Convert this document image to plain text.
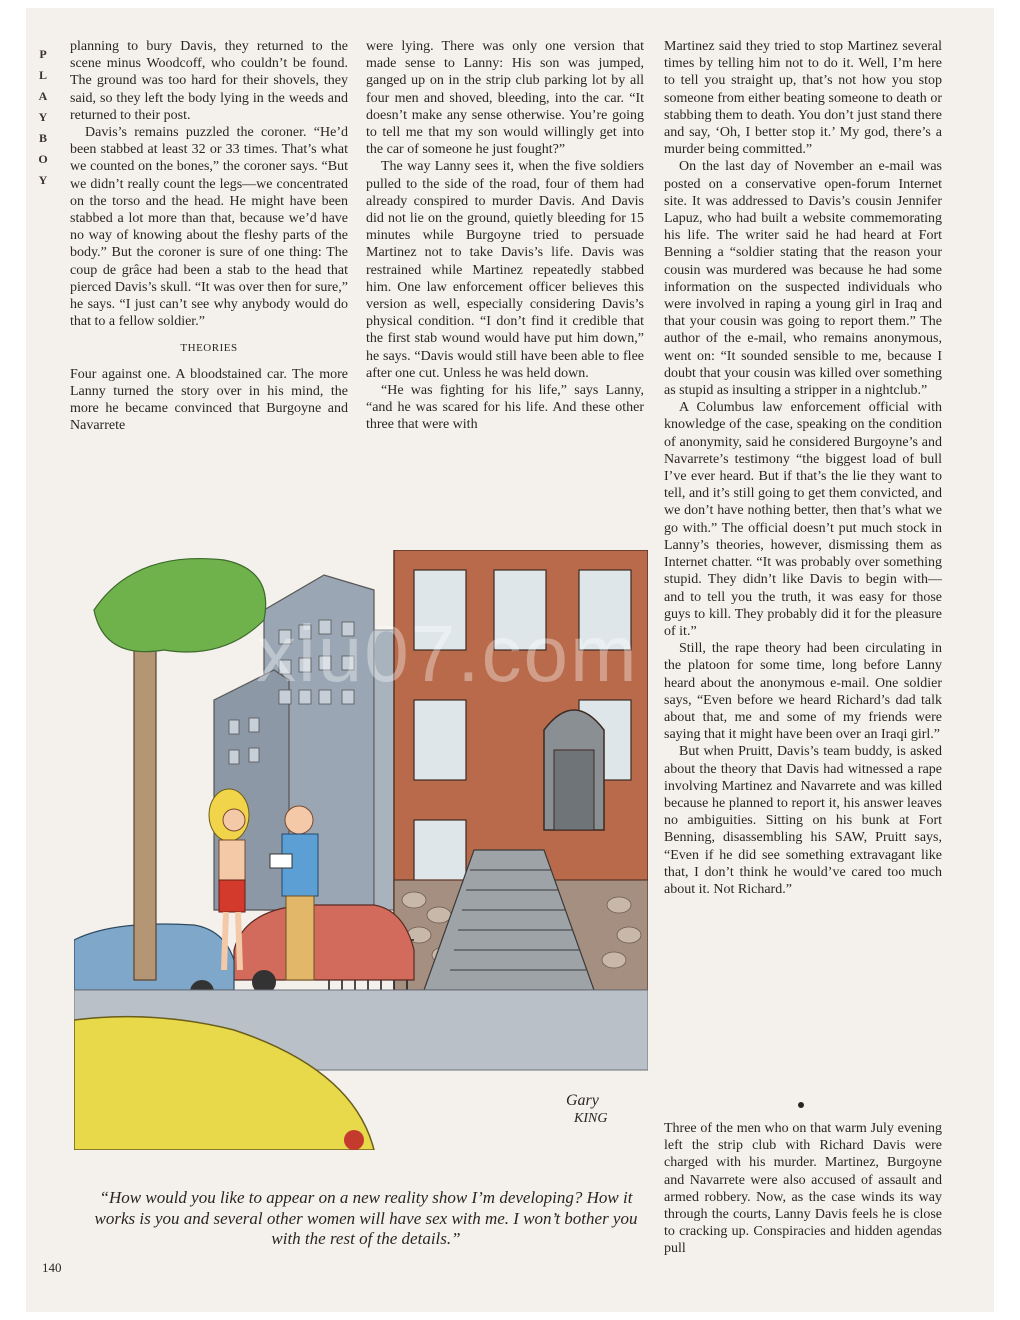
P
L
A
Y
B
O
Y

planning to bury Davis, they returned to the scene minus Woodcoff, who couldn’t be found. The ground was too hard for their shovels, they said, so they left the body lying in the weeds and returned to their post.

Davis’s remains puzzled the coroner. “He’d been stabbed at least 32 or 33 times. That’s what we counted on the bones,” the coroner says. “But we didn’t really count the legs—we concentrated on the torso and the head. He might have been stabbed a lot more than that, because we’d have no way of knowing about the fleshy parts of the body.” But the coroner is sure of one thing: The coup de grâce had been a stab to the head that pierced Davis’s skull. “It was over then for sure,” he says. “I just can’t see why anybody would do that to a fellow soldier.”

THEORIES

Four against one. A bloodstained car. The more Lanny turned the story over in his mind, the more he became convinced that Burgoyne and Navarrete

were lying. There was only one version that made sense to Lanny: His son was jumped, ganged up on in the strip club parking lot by all four men and shoved, bleeding, into the car. “It doesn’t make any sense otherwise. You’re going to tell me that my son would willingly get into the car of someone he just fought?”

The way Lanny sees it, when the five soldiers pulled to the side of the road, four of them had already conspired to murder Davis. And Davis did not lie on the ground, quietly bleeding for 15 minutes while Burgoyne tried to persuade Martinez not to take Davis’s life. Davis was restrained while Martinez repeatedly stabbed him. One law enforcement officer believes this version as well, especially considering Davis’s physical condition. “I don’t find it credible that the first stab wound would have put him down,” he says. “Davis would still have been able to flee after one cut. Unless he was held down.

“He was fighting for his life,” says Lanny, “and he was scared for his life. And these other three that were with

Martinez said they tried to stop Martinez several times by telling him not to do it. Well, I’m here to tell you straight up, that’s not how you stop someone from either beating someone to death or stabbing them to death. You don’t just stand there and say, ‘Oh, I better stop it.’ My god, there’s a murder being committed.”

On the last day of November an e-mail was posted on a conservative open-forum Internet site. It was addressed to Davis’s cousin Jennifer Lapuz, who had built a website commemorating his life. The writer said he had heard at Fort Benning a “soldier stating that the reason your cousin was murdered was because he had some information on the suspected individuals who were involved in raping a young girl in Iraq and that your cousin was going to report them.” The author of the e-mail, who remains anonymous, went on: “It sounded sensible to me, because I doubt that your cousin was killed over something as stupid as insulting a stripper in a nightclub.”

A Columbus law enforcement official with knowledge of the case, speaking on the condition of anonymity, said he considered Burgoyne’s and Navarrete’s testimony “the biggest load of bull I’ve ever heard. But if that’s the lie they want to tell, and it’s still going to get them convicted, and we don’t have nothing better, then that’s what we go with.” The official doesn’t put much stock in Lanny’s theories, however, dismissing them as Internet chatter. “It was probably over something stupid. They didn’t like Davis to begin with—and to tell you the truth, it was easy for those guys to kill. They probably did it for the pleasure of it.”

Still, the rape theory had been circulating in the platoon for some time, long before Lanny heard about the anonymous e-mail. One soldier says, “Even before we heard Richard’s dad talk about that, me and some of my friends were saying that it might have been over an Iraqi girl.”

But when Pruitt, Davis’s team buddy, is asked about the theory that Davis had witnessed a rape involving Martinez and Navarrete and was killed because he planned to report it, his answer leaves no ambiguities. Sitting on his bunk at Fort Benning, disassembling his SAW, Pruitt says, “Even if he did see something extravagant like that, I don’t think he would’ve cared too much about it. Not Richard.”

Three of the men who on that warm July evening left the strip club with Richard Davis were charged with his murder. Martinez, Burgoyne and Navarrete were also accused of assault and armed robbery. Now, as the case winds its way through the courts, Lanny Davis feels he is close to cracking up. Conspiracies and hidden agendas pull

Gary
KING
xiu07.com
“How would you like to appear on a new reality show I’m developing? How it works is you and several other women will have sex with me. I won’t bother you with the rest of the details.”
140
